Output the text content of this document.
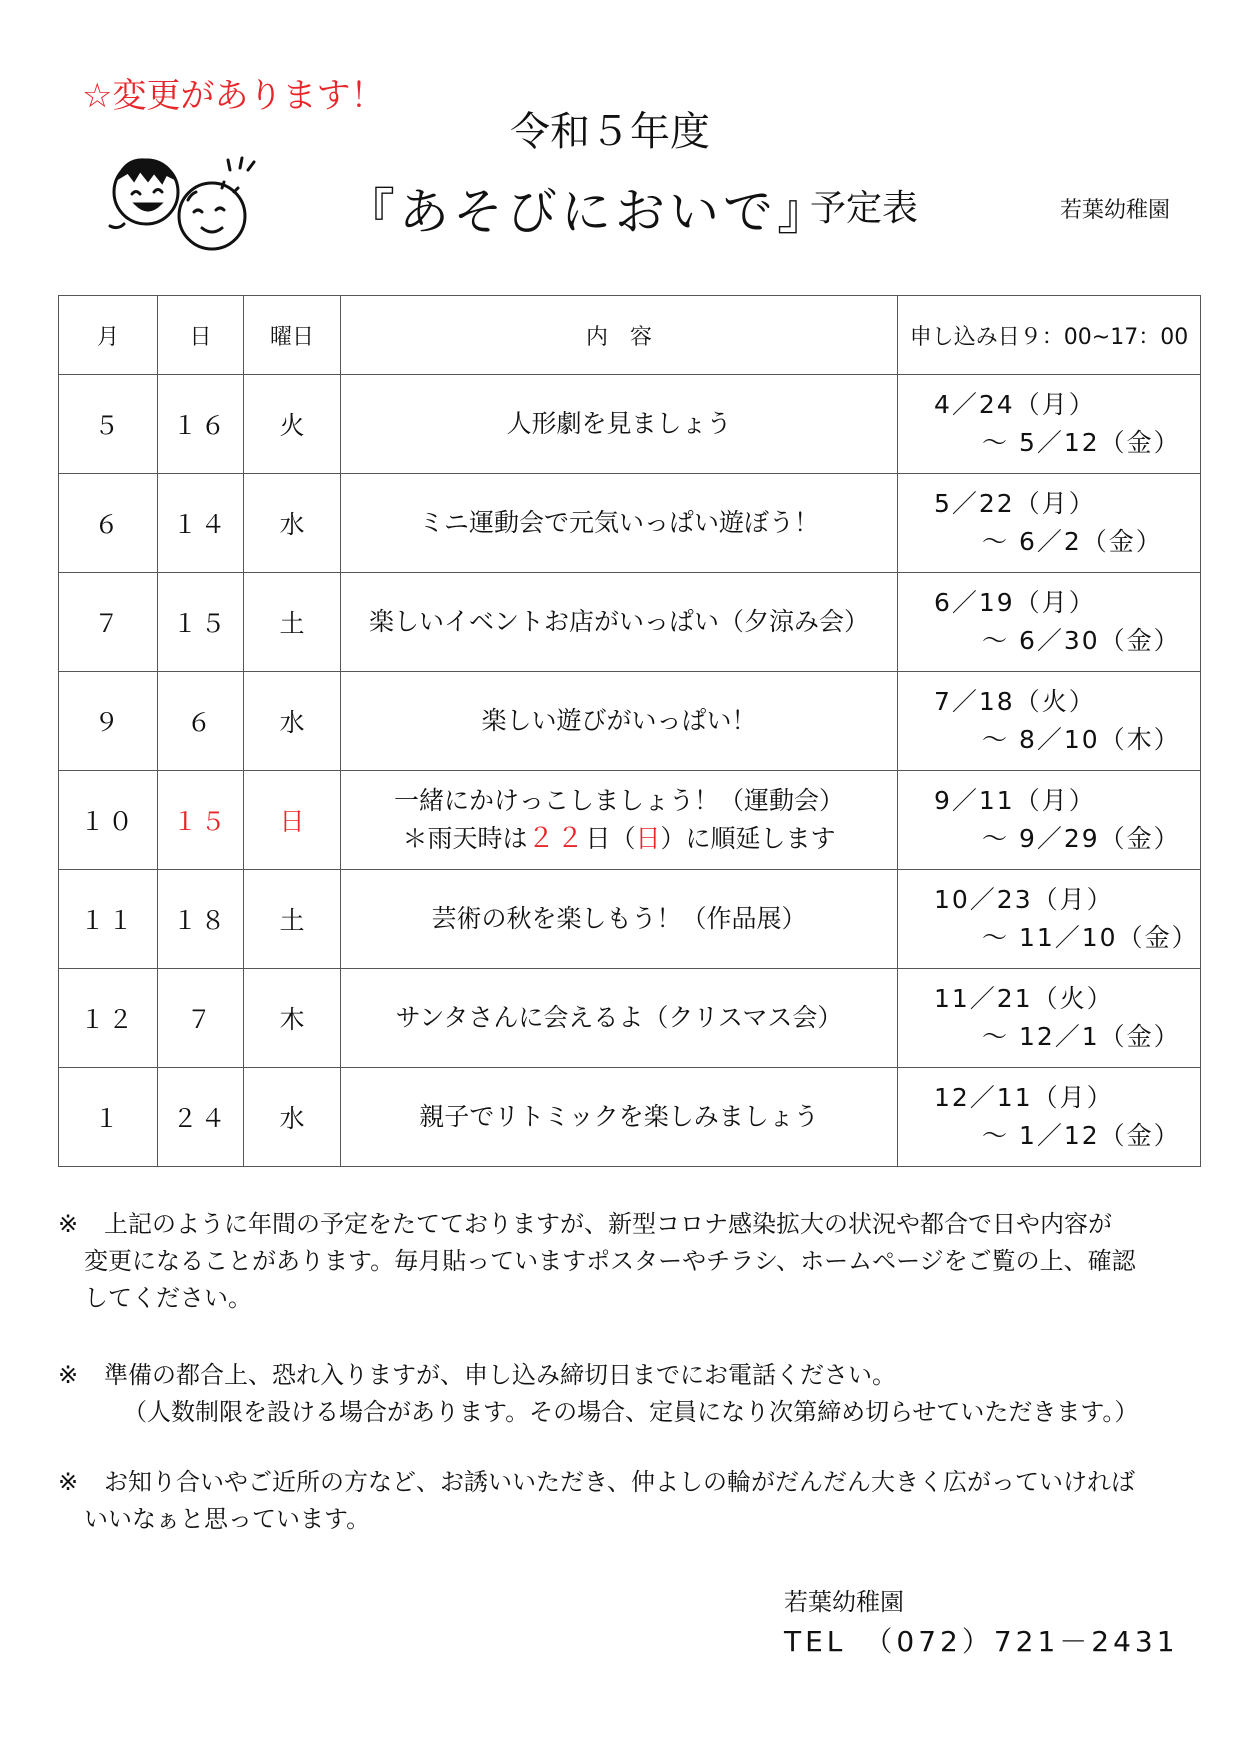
☆変更があります！
令和５年度
『あそびにおいで』
予定表	若葉幼稚園
月	日	曜日	内　容	申し込み日９：00~17：00
５	１６	火	人形劇を見ましょう	4／24（月）
～ 5／12（金）

６	１４	水	ミニ運動会で元気いっぱい遊ぼう！	5／22（月）
～ 6／2（金）

７	１５	土	楽しいイベントお店がいっぱい（夕涼み会）	6／19（月）
～ 6／30（金）

９	６	水	楽しい遊びがいっぱい！	7／18（火）
～ 8／10（木）

１０	１５	日	一緒にかけっこしましょう！（運動会）
＊雨天時は２２日（日）に順延します	9／11（月）
～ 9／29（金）

１１	１８	土	芸術の秋を楽しもう！（作品展）	10／23（月）
～ 11／10（金）

１２	７	木	サンタさんに会えるよ（クリスマス会）	11／21（火）
～ 12／1（金）

１	２４	水	親子でリトミックを楽しみましょう	12／11（月）
～ 1／12（金）
※ 上記のように年間の予定をたてておりますが、新型コロナ感染拡大の状況や都合で日や内容が
変更になることがあります。毎月貼っていますポスターやチラシ、ホームページをご覧の上、確認
してください。
※ 準備の都合上、恐れ入りますが、申し込み締切日までにお電話ください。
（人数制限を設ける場合があります。その場合、定員になり次第締め切らせていただきます。）
※ お知り合いやご近所の方など、お誘いいただき、仲よしの輪がだんだん大きく広がっていければ
いいなぁと思っています。
若葉幼稚園
TEL　（072）721－2431
